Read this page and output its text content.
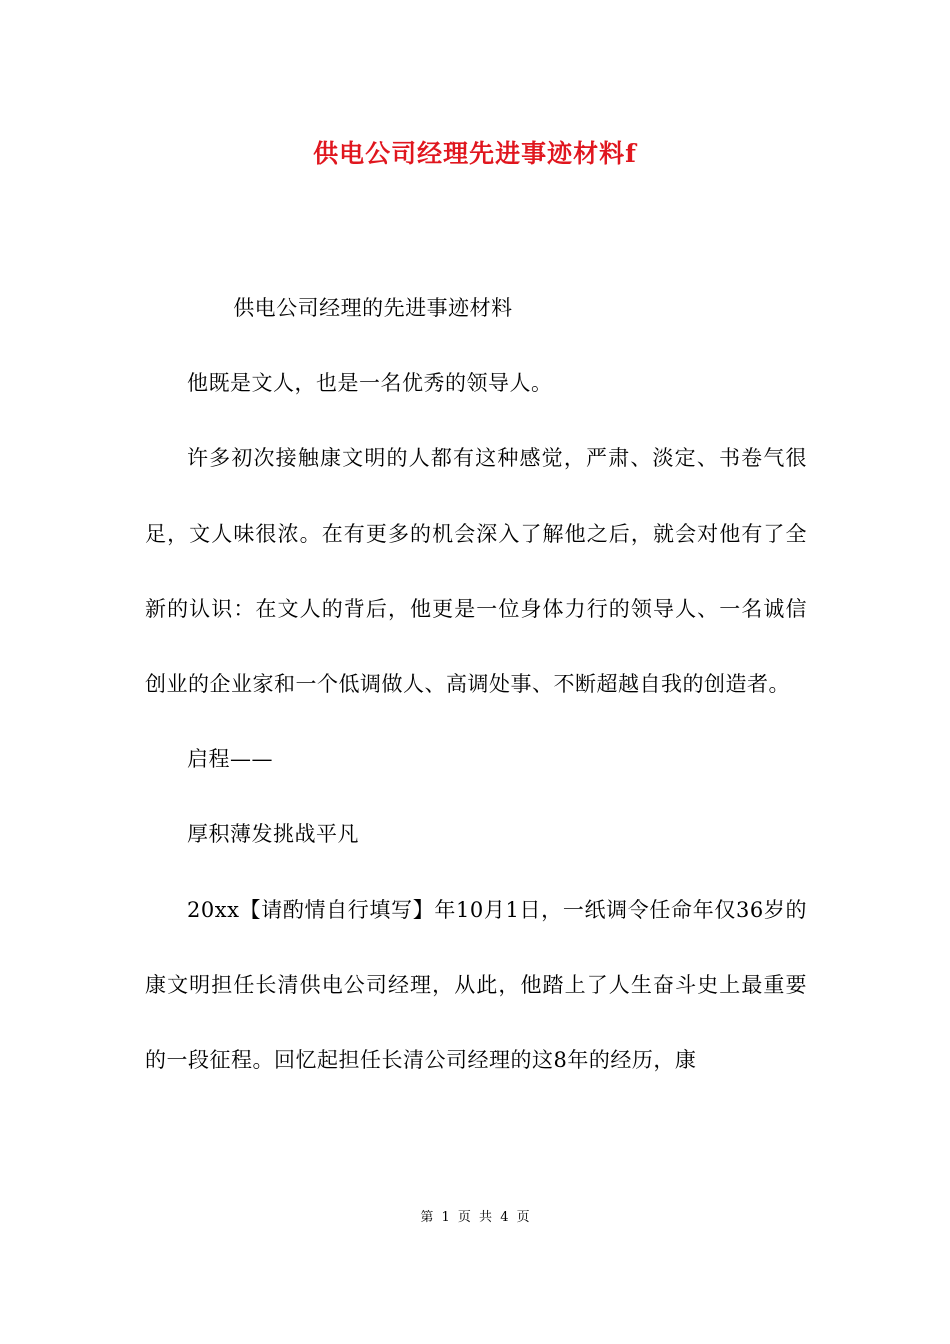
供电公司经理先进事迹材料f

供电公司经理的先进事迹材料

他既是文人，也是一名优秀的领导人。

许多初次接触康文明的人都有这种感觉，严肃、淡定、书卷气很足，文人味很浓。在有更多的机会深入了解他之后，就会对他有了全新的认识：在文人的背后，他更是一位身体力行的领导人、一名诚信创业的企业家和一个低调做人、高调处事、不断超越自我的创造者。

启程——

厚积薄发挑战平凡

20xx【请酌情自行填写】年10月1日，一纸调令任命年仅36岁的康文明担任长清供电公司经理，从此，他踏上了人生奋斗史上最重要的一段征程。回忆起担任长清公司经理的这8年的经历，康

第 1 页 共 4 页
